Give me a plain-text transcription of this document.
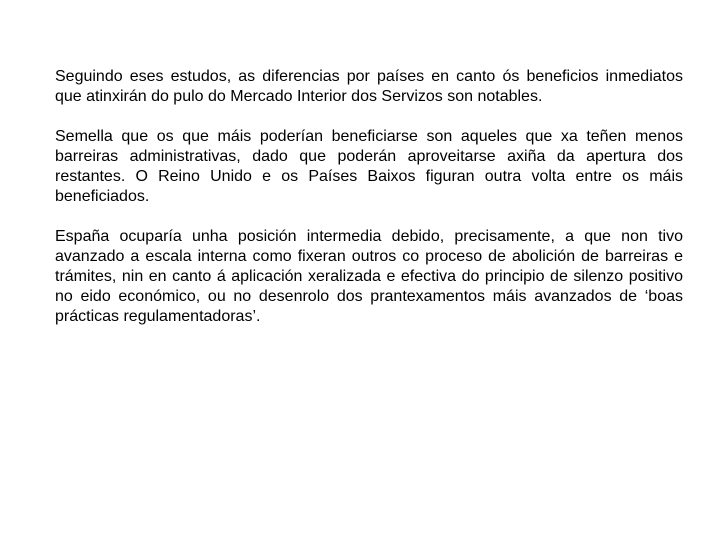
Seguindo eses estudos, as diferencias por países en canto ós beneficios inmediatos que atinxirán do pulo do Mercado Interior dos Servizos son notables.

Semella que os que máis poderían beneficiarse son aqueles que xa teñen menos barreiras administrativas, dado que poderán aproveitarse axiña da apertura dos restantes. O Reino Unido e os Países Baixos figuran outra volta entre os máis beneficiados.

España ocuparía unha posición intermedia debido, precisamente, a que non tivo avanzado a escala interna como fixeran outros co proceso de abolición de barreiras e trámites, nin en canto á aplicación xeralizada e efectiva do principio de silenzo positivo no eido económico, ou no desenrolo dos prantexamentos máis avanzados de ‘boas prácticas regulamentadoras’.
